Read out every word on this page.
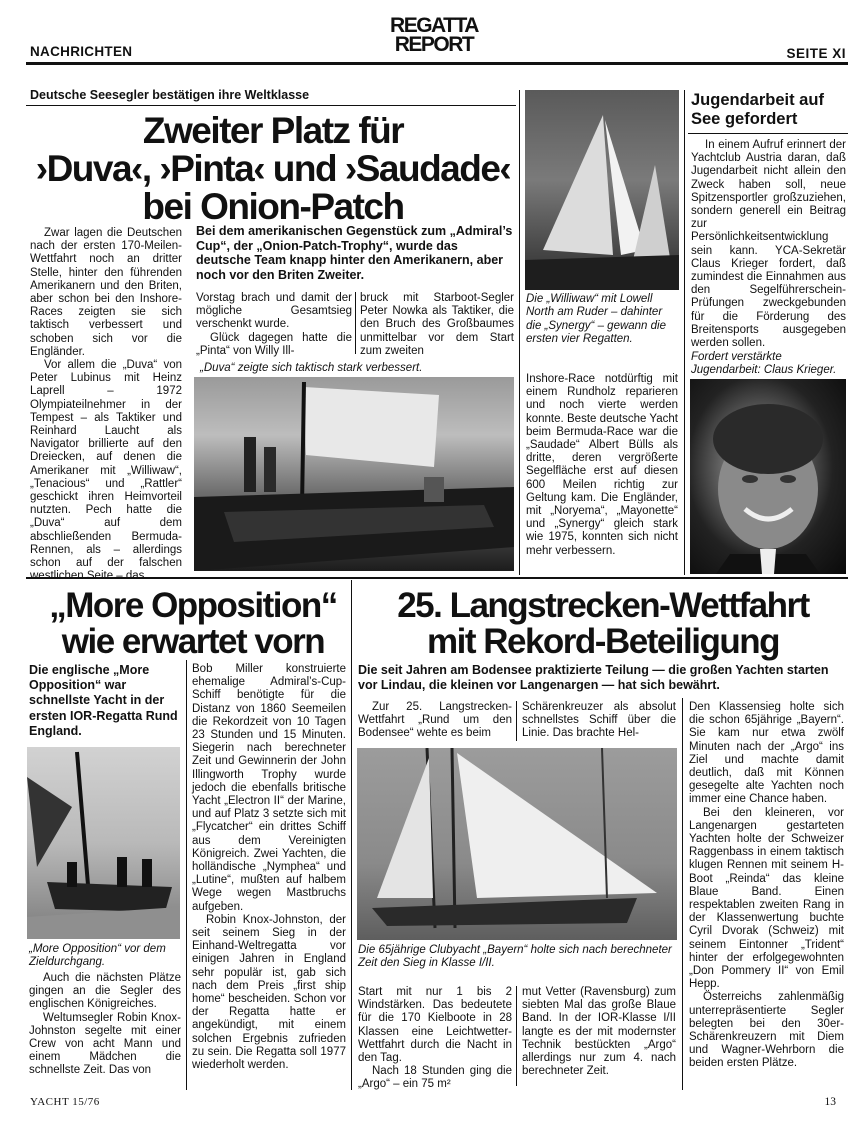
NACHRICHTEN
REGATTA
REPORT	SEITE XI
Deutsche Seesegler bestätigen ihre Weltklasse
Zweiter Platz für
›Duva‹, ›Pinta‹ und ›Saudade‹
bei Onion-Patch

Zwar lagen die Deutschen nach der ersten 170-Meilen-Wettfahrt noch an dritter Stelle, hinter den führenden Amerikanern und den Briten, aber schon bei den Inshore-Races zeigten sie sich taktisch verbessert und schoben sich vor die Engländer.

Vor allem die „Duva“ von Peter Lubinus mit Heinz Laprell – 1972 Olympiateilnehmer in der Tempest – als Taktiker und Reinhard Laucht als Navigator brillierte auf den Dreiecken, auf denen die Amerikaner mit „Williwaw“, „Tenacious“ und „Rattler“ geschickt ihren Heimvorteil nutzten. Pech hatte die „Duva“ auf dem abschließenden Bermuda-Rennen, als – allerdings schon auf der falschen westlichen Seite – das

Bei dem amerikanischen Gegenstück zum „Admiral’s Cup“, der „Onion-Patch-Trophy“, wurde das deutsche Team knapp hinter den Amerikanern, aber noch vor den Briten Zweiter.

Vorstag brach und damit der mögliche Gesamtsieg verschenkt wurde.

Glück dagegen hatte die „Pinta“ von Willy Ill-

bruck mit Starboot-Segler Peter Nowka als Taktiker, die den Bruch des Großbaumes unmittelbar vor dem Start zum zweiten

„Duva“ zeigte sich taktisch stark verbessert.
Die „Williwaw“ mit Lowell North am Ruder – dahinter die „Synergy“ – gewann die ersten vier Regatten.

Inshore-Race notdürftig mit einem Rundholz reparieren und noch vierte werden konnte. Beste deutsche Yacht beim Bermuda-Race war die „Saudade“ Albert Bülls als dritte, deren vergrößerte Segelfläche erst auf diesen 600 Meilen richtig zur Geltung kam. Die Engländer, mit „Noryema“, „Mayonette“ und „Synergy“ gleich stark wie 1975, konnten sich nicht mehr verbessern.

Jugendarbeit auf See gefordert

In einem Aufruf erinnert der Yachtclub Austria daran, daß Jugendarbeit nicht allein den Zweck haben soll, neue Spitzensportler großzuziehen, sondern generell ein Beitrag zur Persönlichkeitsentwicklung sein kann. YCA-Sekretär Claus Krieger fordert, daß zumindest die Einnahmen aus den Segelführerschein-Prüfungen zweckgebunden für die Förderung des Breitensports ausgegeben werden sollen.

Fordert verstärkte Jugendarbeit: Claus Krieger.
„More Opposition“
wie erwartet vorn
Die englische „More Opposition“ war schnellste Yacht in der ersten IOR-Regatta Rund England.
„More Opposition“ vor dem Zieldurchgang.

Auch die nächsten Plätze gingen an die Segler des englischen Königreiches.

Weltumsegler Robin Knox-Johnston segelte mit einer Crew von acht Mann und einem Mädchen die schnellste Zeit. Das von

Bob Miller konstruierte ehemalige Admiral’s-Cup-Schiff benötigte für die Distanz von 1860 Seemeilen die Rekordzeit von 10 Tagen 23 Stunden und 15 Minuten. Siegerin nach berechneter Zeit und Gewinnerin der John Illingworth Trophy wurde jedoch die ebenfalls britische Yacht „Electron II“ der Marine, und auf Platz 3 setzte sich mit „Flycatcher“ ein drittes Schiff aus dem Vereinigten Königreich. Zwei Yachten, die holländische „Nymphea“ und „Lutine“, mußten auf halbem Wege wegen Mastbruchs aufgeben.

Robin Knox-Johnston, der seit seinem Sieg in der Einhand-Weltregatta vor einigen Jahren in England sehr populär ist, gab sich nach dem Preis „first ship home“ bescheiden. Schon vor der Regatta hatte er angekündigt, mit einem solchen Ergebnis zufrieden zu sein. Die Regatta soll 1977 wiederholt werden.

25. Langstrecken-Wettfahrt
mit Rekord-Beteiligung
Die seit Jahren am Bodensee praktizierte Teilung — die großen Yachten starten vor Lindau, die kleinen vor Langenargen — hat sich bewährt.

Zur 25. Langstrecken-Wettfahrt „Rund um den Bodensee“ wehte es beim

Schärenkreuzer als absolut schnellstes Schiff über die Linie. Das brachte Hel-

Die 65jährige Clubyacht „Bayern“ holte sich nach berechneter Zeit den Sieg in Klasse I/II.

Start mit nur 1 bis 2 Windstärken. Das bedeutete für die 170 Kielboote in 28 Klassen eine Leichtwetter-Wettfahrt durch die Nacht in den Tag.

Nach 18 Stunden ging die „Argo“ – ein 75 m²

mut Vetter (Ravensburg) zum siebten Mal das große Blaue Band. In der IOR-Klasse I/II langte es der mit modernster Technik bestückten „Argo“ allerdings nur zum 4. nach berechneter Zeit.

Den Klassensieg holte sich die schon 65jährige „Bayern“. Sie kam nur etwa zwölf Minuten nach der „Argo“ ins Ziel und machte damit deutlich, daß mit Können gesegelte alte Yachten noch immer eine Chance haben.

Bei den kleineren, vor Langenargen gestarteten Yachten holte der Schweizer Raggenbass in einem taktisch klugen Rennen mit seinem H-Boot „Reinda“ das kleine Blaue Band. Einen respektablen zweiten Rang in der Klassenwertung buchte Cyril Dvorak (Schweiz) mit seinem Eintonner „Trident“ hinter der erfolgegewohnten „Don Pommery II“ von Emil Hepp.

Österreichs zahlenmäßig unterrepräsentierte Segler belegten bei den 30er-Schärenkreuzern mit Diem und Wagner-Wehrborn die beiden ersten Plätze.

YACHT 15/76	13
